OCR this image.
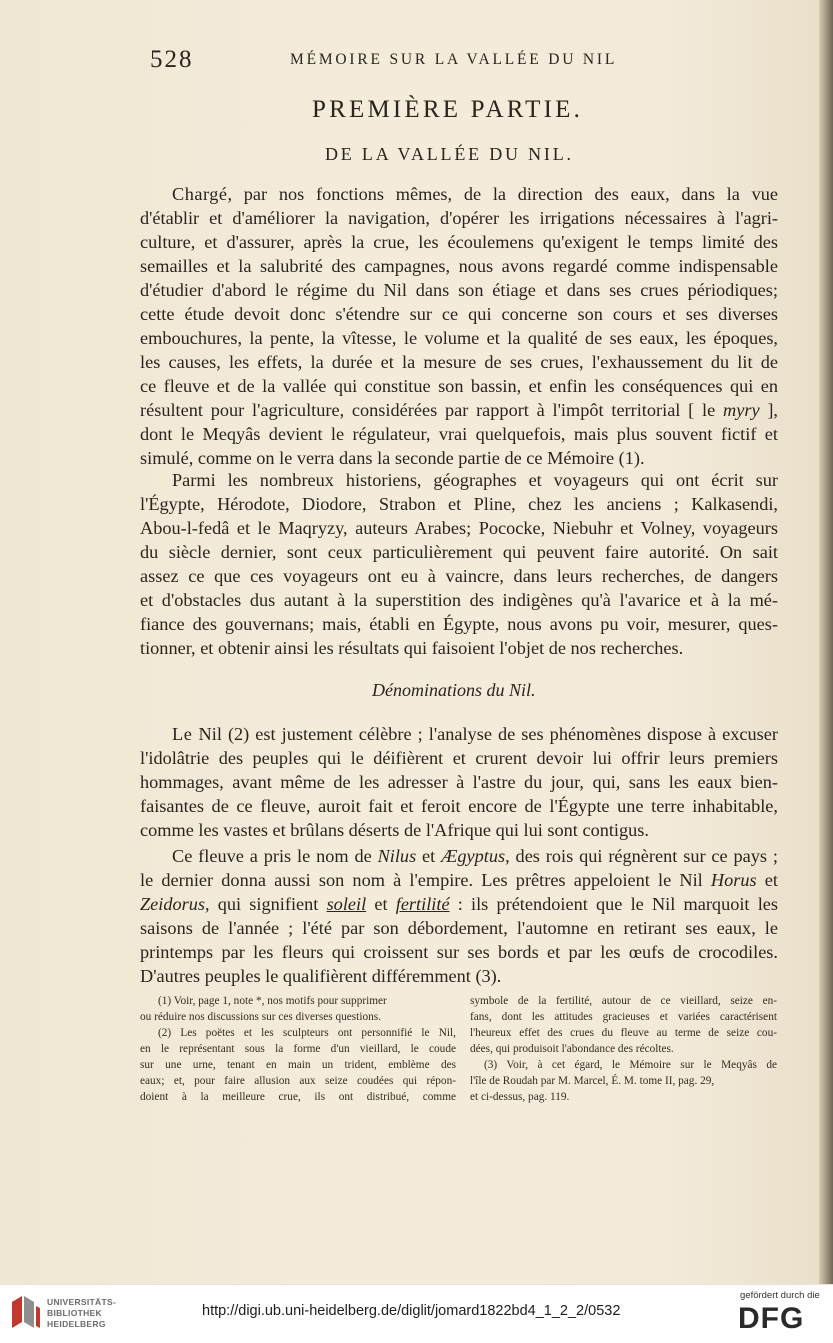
528	MÉMOIRE SUR LA VALLÉE DU NIL
PREMIÈRE PARTIE.
DE LA VALLÉE DU NIL.
Chargé, par nos fonctions mêmes, de la direction des eaux, dans la vue
d'établir et d'améliorer la navigation, d'opérer les irrigations nécessaires à l'agri-
culture, et d'assurer, après la crue, les écoulemens qu'exigent le temps limité des
semailles et la salubrité des campagnes, nous avons regardé comme indispensable
d'étudier d'abord le régime du Nil dans son étiage et dans ses crues périodiques;
cette étude devoit donc s'étendre sur ce qui concerne son cours et ses diverses
embouchures, la pente, la vîtesse, le volume et la qualité de ses eaux, les époques,
les causes, les effets, la durée et la mesure de ses crues, l'exhaussement du lit de
ce fleuve et de la vallée qui constitue son bassin, et enfin les conséquences qui en
résultent pour l'agriculture, considérées par rapport à l'impôt territorial [ le myry ],
dont le Meqyâs devient le régulateur, vrai quelquefois, mais plus souvent fictif et
simulé, comme on le verra dans la seconde partie de ce Mémoire (1).
Parmi les nombreux historiens, géographes et voyageurs qui ont écrit sur
l'Égypte, Hérodote, Diodore, Strabon et Pline, chez les anciens ; Kalkasendi,
Abou-l-fedâ et le Maqryzy, auteurs Arabes; Pococke, Niebuhr et Volney, voyageurs
du siècle dernier, sont ceux particulièrement qui peuvent faire autorité. On sait
assez ce que ces voyageurs ont eu à vaincre, dans leurs recherches, de dangers
et d'obstacles dus autant à la superstition des indigènes qu'à l'avarice et à la mé-
fiance des gouvernans; mais, établi en Égypte, nous avons pu voir, mesurer, ques-
tionner, et obtenir ainsi les résultats qui faisoient l'objet de nos recherches.
Dénominations du Nil.
Le Nil (2) est justement célèbre ; l'analyse de ses phénomènes dispose à excuser
l'idolâtrie des peuples qui le déifièrent et crurent devoir lui offrir leurs premiers
hommages, avant même de les adresser à l'astre du jour, qui, sans les eaux bien-
faisantes de ce fleuve, auroit fait et feroit encore de l'Égypte une terre inhabitable,
comme les vastes et brûlans déserts de l'Afrique qui lui sont contigus.
Ce fleuve a pris le nom de Nilus et Ægyptus, des rois qui régnèrent sur ce pays ;
le dernier donna aussi son nom à l'empire. Les prêtres appeloient le Nil Horus et
Zeidorus, qui signifient soleil et fertilité : ils prétendoient que le Nil marquoit les
saisons de l'année ; l'été par son débordement, l'automne en retirant ses eaux, le
printemps par les fleurs qui croissent sur ses bords et par les œufs de crocodiles.
D'autres peuples le qualifièrent différemment (3).
(1) Voir, page 1, note *, nos motifs pour supprimer
ou réduire nos discussions sur ces diverses questions.
(2) Les poëtes et les sculpteurs ont personnifié le Nil,
en le représentant sous la forme d'un vieillard, le coude
sur une urne, tenant en main un trident, emblème des
eaux; et, pour faire allusion aux seize coudées qui répon-
doient à la meilleure crue, ils ont distribué, comme
symbole de la fertilité, autour de ce vieillard, seize en-
fans, dont les attitudes gracieuses et variées caractérisent
l'heureux effet des crues du fleuve au terme de seize cou-
dées, qui produisoit l'abondance des récoltes.
(3) Voir, à cet égard, le Mémoire sur le Meqyâs de
l'île de Roudah par M. Marcel, É. M. tome II, pag. 29,
et ci-dessus, pag. 119.
UNIVERSITÄTS-
BIBLIOTHEK
HEIDELBERG
http://digi.ub.uni-heidelberg.de/diglit/jomard1822bd4_1_2_2/0532
gefördert durch die
DFG
